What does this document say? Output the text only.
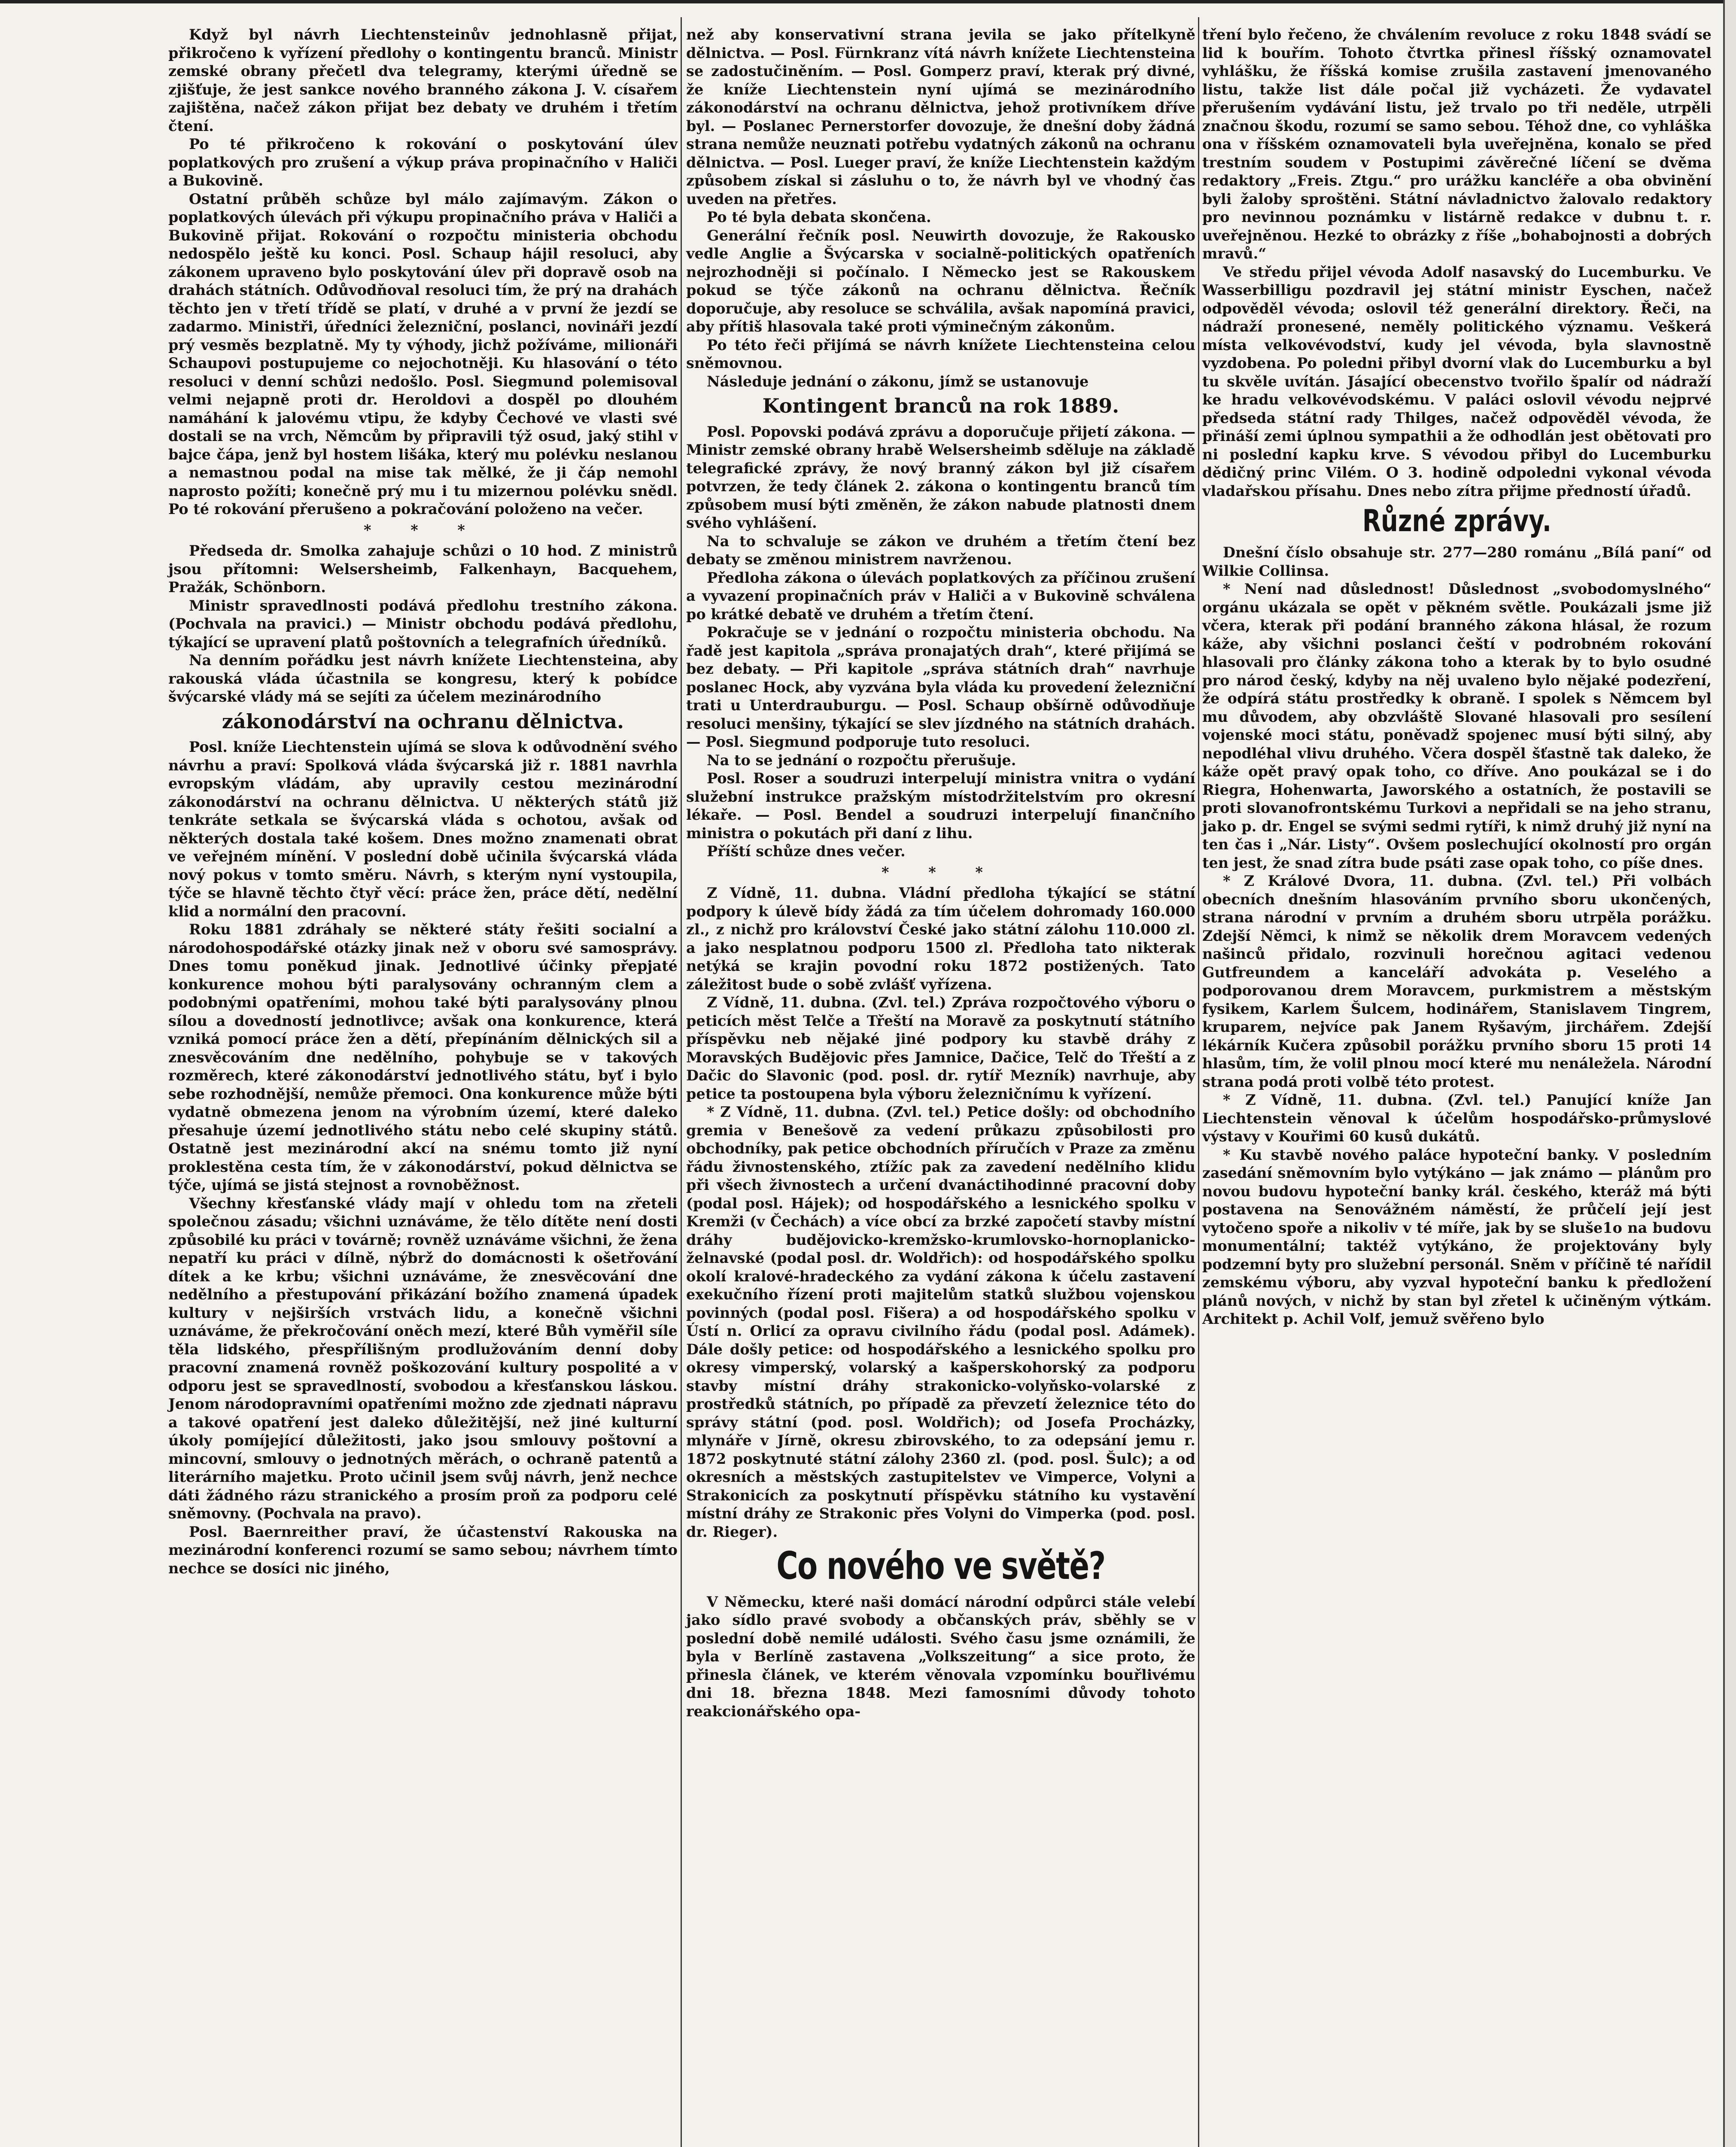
Když byl návrh Liechtensteinův jednohlasně přijat, přikročeno k vyřízení předlohy o kontingentu branců. Ministr zemské obrany přečetl dva telegramy, kterými úředně se zjišťuje, že jest sankce nového branného zákona J. V. císařem zajištěna, načež zákon přijat bez debaty ve druhém i třetím čtení.

Po té přikročeno k rokování o poskytování úlev poplatkových pro zrušení a výkup práva propinačního v Haliči a Bukovině.

Ostatní průběh schůze byl málo zajímavým. Zákon o poplatkových úlevách při výkupu propinačního práva v Haliči a Bukovině přijat. Rokování o rozpočtu ministeria obchodu nedospělo ještě ku konci. Posl. Schaup hájil resoluci, aby zákonem upraveno bylo poskytování úlev při dopravě osob na drahách státních. Odůvodňoval resoluci tím, že prý na drahách těchto jen v třetí třídě se platí, v druhé a v první že jezdí se zadarmo. Ministři, úředníci železniční, poslanci, novináři jezdí prý vesměs bezplatně. My ty výhody, jichž požíváme, milionáři Schaupovi postupujeme co nejochotněji. Ku hlasování o této resoluci v denní schůzi nedošlo. Posl. Siegmund polemisoval velmi nejapně proti dr. Heroldovi a dospěl po dlouhém namáhání k jalovému vtipu, že kdyby Čechové ve vlasti své dostali se na vrch, Němcům by připravili týž osud, jaký stihl v bajce čápa, jenž byl hostem lišáka, který mu polévku neslanou a nemastnou podal na mise tak mělké, že ji čáp nemohl naprosto požíti; konečně prý mu i tu mizernou polévku snědl. Po té rokování přerušeno a pokračování položeno na večer.

* * *

Předseda dr. Smolka zahajuje schůzi o 10 hod. Z ministrů jsou přítomni: Welsersheimb, Falkenhayn, Bacquehem, Pražák, Schönborn.

Ministr spravedlnosti podává předlohu trestního zákona. (Pochvala na pravici.) — Ministr obchodu podává předlohu, týkající se upravení platů poštovních a telegrafních úředníků.

Na denním pořádku jest návrh knížete Liechtensteina, aby rakouská vláda účastnila se kongresu, který k pobídce švýcarské vlády má se sejíti za účelem mezinárodního

zákonodárství na ochranu dělnictva.

Posl. kníže Liechtenstein ujímá se slova k odůvodnění svého návrhu a praví: Spolková vláda švýcarská již r. 1881 navrhla evropským vládám, aby upravily cestou mezinárodní zákonodárství na ochranu dělnictva. U některých států již tenkráte setkala se švýcarská vláda s ochotou, avšak od některých dostala také košem. Dnes možno znamenati obrat ve veřejném mínění. V poslední době učinila švýcarská vláda nový pokus v tomto směru. Návrh, s kterým nyní vystoupila, týče se hlavně těchto čtyř věcí: práce žen, práce dětí, nedělní klid a normální den pracovní.

Roku 1881 zdráhaly se některé státy řešiti socialní a národohospodářské otázky jinak než v oboru své samosprávy. Dnes tomu poněkud jinak. Jednotlivé účinky přepjaté konkurence mohou býti paralysovány ochranným clem a podobnými opatřeními, mohou také býti paralysovány plnou sílou a dovedností jednotlivce; avšak ona konkurence, která vzniká pomocí práce žen a dětí, přepínáním dělnických sil a znesvěcováním dne nedělního, pohybuje se v takových rozměrech, které zákonodárství jednotlivého státu, byť i bylo sebe rozhodnější, nemůže přemoci. Ona konkurence může býti vydatně obmezena jenom na výrobním území, které daleko přesahuje území jednotlivého státu nebo celé skupiny států. Ostatně jest mezinárodní akcí na snému tomto již nyní proklestěna cesta tím, že v zákonodárství, pokud dělnictva se týče, ujímá se jistá stejnost a rovnoběžnost.

Všechny křesťanské vlády mají v ohledu tom na zřeteli společnou zásadu; všichni uznáváme, že tělo dítěte není dosti způsobilé ku práci v továrně; rovněž uznáváme všichni, že žena nepatří ku práci v dílně, nýbrž do domácnosti k ošetřování dítek a ke krbu; všichni uznáváme, že znesvěcování dne nedělního a přestupování přikázání božího znamená úpadek kultury v nejširších vrstvách lidu, a konečně všichni uznáváme, že překročování oněch mezí, které Bůh vyměřil síle těla lidského, přespřílišným prodlužováním denní doby pracovní znamená rovněž poškozování kultury pospolité a v odporu jest se spravedlností, svobodou a křesťanskou láskou. Jenom národopravními opatřeními možno zde zjednati nápravu a takové opatření jest daleko důležitější, než jiné kulturní úkoly pomíjející důležitosti, jako jsou smlouvy poštovní a mincovní, smlouvy o jednotných měrách, o ochraně patentů a literárního majetku. Proto učinil jsem svůj návrh, jenž nechce dáti žádného rázu stranického a prosím proň za podporu celé sněmovny. (Pochvala na pravo).

Posl. Baernreither praví, že účastenství Rakouska na mezinárodní konferenci rozumí se samo sebou; návrhem tímto nechce se dosíci nic jiného,

než aby konservativní strana jevila se jako přítelkyně dělnictva. — Posl. Fürnkranz vítá návrh knížete Liechtensteina se zadostučiněním. — Posl. Gomperz praví, kterak prý divné, že kníže Liechtenstein nyní ujímá se mezinárodního zákonodárství na ochranu dělnictva, jehož protivníkem dříve byl. — Poslanec Pernerstorfer dovozuje, že dnešní doby žádná strana nemůže neuznati potřebu vydatných zákonů na ochranu dělnictva. — Posl. Lueger praví, že kníže Liechtenstein každým způsobem získal si zásluhu o to, že návrh byl ve vhodný čas uveden na přetřes.

Po té byla debata skončena.

Generální řečník posl. Neuwirth dovozuje, že Rakousko vedle Anglie a Švýcarska v socialně-politických opatřeních nejrozhodněji si počínalo. I Německo jest se Rakouskem pokud se týče zákonů na ochranu dělnictva. Řečník doporučuje, aby resoluce se schválila, avšak napomíná pravici, aby přítiš hlasovala také proti výminečným zákonům.

Po této řeči přijímá se návrh knížete Liechtensteina celou sněmovnou.

Následuje jednání o zákonu, jímž se ustanovuje

Kontingent branců na rok 1889.

Posl. Popovski podává zprávu a doporučuje přijetí zákona. — Ministr zemské obrany hrabě Welsersheimb sděluje na základě telegrafické zprávy, že nový branný zákon byl již císařem potvrzen, že tedy článek 2. zákona o kontingentu branců tím způsobem musí býti změněn, že zákon nabude platnosti dnem svého vyhlášení.

Na to schvaluje se zákon ve druhém a třetím čtení bez debaty se změnou ministrem navrženou.

Předloha zákona o úlevách poplatkových za příčinou zrušení a vyvazení propinačních práv v Haliči a v Bukovině schválena po krátké debatě ve druhém a třetím čtení.

Pokračuje se v jednání o rozpočtu ministeria obchodu. Na řadě jest kapitola „správa pronajatých drah“, které přijímá se bez debaty. — Při kapitole „správa státních drah“ navrhuje poslanec Hock, aby vyzvána byla vláda ku provedení železniční trati u Unterdrauburgu. — Posl. Schaup obšírně odůvodňuje resoluci menšiny, týkající se slev jízdného na státních drahách. — Posl. Siegmund podporuje tuto resoluci.

Na to se jednání o rozpočtu přerušuje.

Posl. Roser a soudruzi interpelují ministra vnitra o vydání služební instrukce pražským místodržitelstvím pro okresní lékaře. — Posl. Bendel a soudruzi interpelují finančního ministra o pokutách při daní z lihu.

Příští schůze dnes večer.

* * *

Z Vídně, 11. dubna. Vládní předloha týkající se státní podpory k úlevě bídy žádá za tím účelem dohromady 160.000 zl., z nichž pro království České jako státní zálohu 110.000 zl. a jako nesplatnou podporu 1500 zl. Předloha tato nikterak netýká se krajin povodní roku 1872 postižených. Tato záležitost bude o sobě zvlášť vyřízena.

Z Vídně, 11. dubna. (Zvl. tel.) Zpráva rozpočtového výboru o peticích měst Telče a Třeští na Moravě za poskytnutí státního příspěvku neb nějaké jiné podpory ku stavbě dráhy z Moravských Budějovic přes Jamnice, Dačice, Telč do Třeští a z Dačic do Slavonic (pod. posl. dr. rytíř Mezník) navrhuje, aby petice ta postoupena byla výboru železničnímu k vyřízení.

* Z Vídně, 11. dubna. (Zvl. tel.) Petice došly: od obchodního gremia v Benešově za vedení průkazu způsobilosti pro obchodníky, pak petice obchodních příručích v Praze za změnu řádu živnostenského, ztížíc pak za zavedení nedělního klidu při všech živnostech a určení dvanáctihodinné pracovní doby (podal posl. Hájek); od hospodářského a lesnického spolku v Kremži (v Čechách) a více obcí za brzké započetí stavby místní dráhy budějovicko-kremžsko-krumlovsko-hornoplanicko-želnavské (podal posl. dr. Woldřich): od hospodářského spolku okolí kralové-hradeckého za vydání zákona k účelu zastavení exekučního řízení proti majitelům statků službou vojenskou povinných (podal posl. Fišera) a od hospodářského spolku v Ústí n. Orlicí za opravu civilního řádu (podal posl. Adámek). Dále došly petice: od hospodářského a lesnického spolku pro okresy vimperský, volarský a kašperskohorský za podporu stavby místní dráhy strakonicko-volyňsko-volarské z prostředků státních, po případě za převzetí železnice této do správy státní (pod. posl. Woldřich); od Josefa Procházky, mlynáře v Jírně, okresu zbirovského, to za odepsání jemu r. 1872 poskytnuté státní zálohy 2360 zl. (pod. posl. Šulc); a od okresních a městských zastupitelstev ve Vimperce, Volyni a Strakonicích za poskytnutí příspěvku státního ku vystavění místní dráhy ze Strakonic přes Volyni do Vimperka (pod. posl. dr. Rieger).

Co nového ve světě?

V Německu, které naši domácí národní odpůrci stále velebí jako sídlo pravé svobody a občanských práv, sběhly se v poslední době nemilé události. Svého času jsme oznámili, že byla v Berlíně zastavena „Volkszeitung“ a sice proto, že přinesla článek, ve kterém věnovala vzpomínku bouřlivému dni 18. března 1848. Mezi famosními důvody tohoto reakcionářského opa-

tření bylo řečeno, že chválením revoluce z roku 1848 svádí se lid k bouřím. Tohoto čtvrtka přinesl říšský oznamovatel vyhlášku, že říšská komise zrušila zastavení jmenovaného listu, takže list dále počal již vycházeti. Že vydavatel přerušením vydávání listu, jež trvalo po tři neděle, utrpěli značnou škodu, rozumí se samo sebou. Téhož dne, co vyhláška ona v říšském oznamovateli byla uveřejněna, konalo se před trestním soudem v Postupimi závěrečné líčení se dvěma redaktory „Freis. Ztgu.“ pro urážku kancléře a oba obvinění byli žaloby sproštěni. Státní návladnictvo žalovalo redaktory pro nevinnou poznámku v listárně redakce v dubnu t. r. uveřejněnou. Hezké to obrázky z říše „bohabojnosti a dobrých mravů.“

Ve středu přijel vévoda Adolf nasavský do Lucemburku. Ve Wasserbilligu pozdravil jej státní ministr Eyschen, načež odpověděl vévoda; oslovil též generální direktory. Řeči, na nádraží pronesené, neměly politického významu. Veškerá místa velkovévodství, kudy jel vévoda, byla slavnostně vyzdobena. Po poledni přibyl dvorní vlak do Lucemburku a byl tu skvěle uvítán. Jásající obecenstvo tvořilo špalír od nádraží ke hradu velkovévodskému. V paláci oslovil vévodu nejprvé předseda státní rady Thilges, načež odpověděl vévoda, že přináší zemi úplnou sympathii a že odhodlán jest obětovati pro ni poslední kapku krve. S vévodou přibyl do Lucemburku dědičný princ Vilém. O 3. hodině odpoledni vykonal vévoda vladařskou přísahu. Dnes nebo zítra přijme předností úřadů.

Různé zprávy.

Dnešní číslo obsahuje str. 277—280 románu „Bílá paní“ od Wilkie Collinsa.

* Není nad důslednost! Důslednost „svobodomyslného“ orgánu ukázala se opět v pěkném světle. Poukázali jsme již včera, kterak při podání branného zákona hlásal, že rozum káže, aby všichni poslanci čeští v podrobném rokování hlasovali pro články zákona toho a kterak by to bylo osudné pro národ český, kdyby na něj uvaleno bylo nějaké podezření, že odpírá státu prostředky k obraně. I spolek s Němcem byl mu důvodem, aby obzvláště Slované hlasovali pro sesílení vojenské moci státu, poněvadž spojenec musí býti silný, aby nepodléhal vlivu druhého. Včera dospěl šťastně tak daleko, že káže opět pravý opak toho, co dříve. Ano poukázal se i do Riegra, Hohenwarta, Jaworského a ostatních, že postavili se proti slovanofrontskému Turkovi a nepřidali se na jeho stranu, jako p. dr. Engel se svými sedmi rytíři, k nimž druhý již nyní na ten čas i „Nár. Listy“. Ovšem poslechující okolností pro orgán ten jest, že snad zítra bude psáti zase opak toho, co píše dnes.

* Z Králové Dvora, 11. dubna. (Zvl. tel.) Při volbách obecních dnešním hlasováním prvního sboru ukončených, strana národní v prvním a druhém sboru utrpěla porážku. Zdejší Němci, k nimž se několik drem Moravcem vedených našinců přidalo, rozvinuli horečnou agitaci vedenou Gutfreundem a kanceláří advokáta p. Veselého a podporovanou drem Moravcem, purkmistrem a městským fysikem, Karlem Šulcem, hodinářem, Stanislavem Tingrem, kruparem, nejvíce pak Janem Ryšavým, jirchářem. Zdejší lékárník Kučera způsobil porážku prvního sboru 15 proti 14 hlasům, tím, že volil plnou mocí které mu nenáležela. Národní strana podá proti volbě této protest.

* Z Vídně, 11. dubna. (Zvl. tel.) Panující kníže Jan Liechtenstein věnoval k účelům hospodářsko-průmyslové výstavy v Kouřimi 60 kusů dukátů.

* Ku stavbě nového paláce hypoteční banky. V posledním zasedání sněmovním bylo vytýkáno — jak známo — plánům pro novou budovu hypoteční banky král. českého, kteráž má býti postavena na Senovážném náměstí, že průčelí její jest vytočeno spoře a nikoliv v té míře, jak by se sluše1o na budovu monumentální; taktéž vytýkáno, že projektovány byly podzemní byty pro služební personál. Sněm v příčině té nařídil zemskému výboru, aby vyzval hypoteční banku k předložení plánů nových, v nichž by stan byl zřetel k učiněným výtkám. Architekt p. Achil Volf, jemuž svěřeno bylo
